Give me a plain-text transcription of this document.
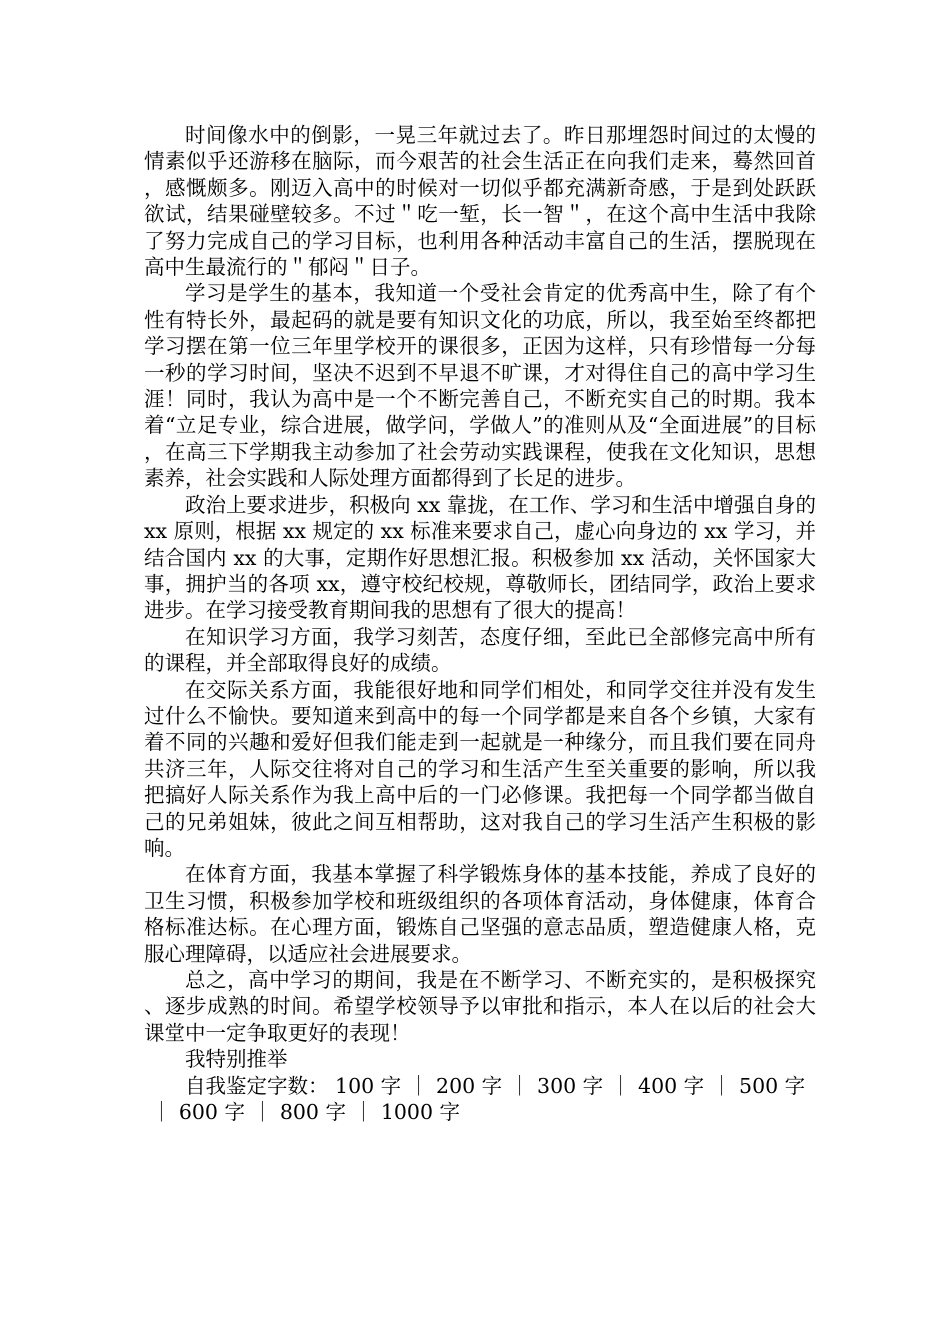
时间像水中的倒影，一晃三年就过去了。昨日那埋怨时间过的太慢的情素似乎还游移在脑际，而今艰苦的社会生活正在向我们走来，蓦然回首，感慨颇多。刚迈入高中的时候对一切似乎都充满新奇感，于是到处跃跃欲试，结果碰壁较多。不过＂吃一堑，长一智＂，在这个高中生活中我除了努力完成自己的学习目标，也利用各种活动丰富自己的生活，摆脱现在高中生最流行的＂郁闷＂日子。

学习是学生的基本，我知道一个受社会肯定的优秀高中生，除了有个性有特长外，最起码的就是要有知识文化的功底，所以，我至始至终都把学习摆在第一位三年里学校开的课很多，正因为这样，只有珍惜每一分每一秒的学习时间，坚决不迟到不早退不旷课，才对得住自己的高中学习生涯！同时，我认为高中是一个不断完善自己，不断充实自己的时期。我本着“立足专业，综合进展，做学问，学做人”的准则从及“全面进展”的目标，在高三下学期我主动参加了社会劳动实践课程，使我在文化知识，思想素养，社会实践和人际处理方面都得到了长足的进步。

政治上要求进步，积极向 xx 靠拢，在工作、学习和生活中增强自身的 xx 原则，根据 xx 规定的 xx 标准来要求自己，虚心向身边的 xx 学习，并结合国内 xx 的大事，定期作好思想汇报。积极参加 xx 活动，关怀国家大事，拥护当的各项 xx，遵守校纪校规，尊敬师长，团结同学，政治上要求进步。在学习接受教育期间我的思想有了很大的提高！

在知识学习方面，我学习刻苦，态度仔细，至此已全部修完高中所有的课程，并全部取得良好的成绩。

在交际关系方面，我能很好地和同学们相处，和同学交往并没有发生过什么不愉快。要知道来到高中的每一个同学都是来自各个乡镇，大家有着不同的兴趣和爱好但我们能走到一起就是一种缘分，而且我们要在同舟共济三年，人际交往将对自己的学习和生活产生至关重要的影响，所以我把搞好人际关系作为我上高中后的一门必修课。我把每一个同学都当做自己的兄弟姐妹，彼此之间互相帮助，这对我自己的学习生活产生积极的影响。

在体育方面，我基本掌握了科学锻炼身体的基本技能，养成了良好的卫生习惯，积极参加学校和班级组织的各项体育活动，身体健康，体育合格标准达标。在心理方面，锻炼自己坚强的意志品质，塑造健康人格，克服心理障碍，以适应社会进展要求。

总之，高中学习的期间，我是在不断学习、不断充实的，是积极探究、逐步成熟的时间。希望学校领导予以审批和指示，本人在以后的社会大课堂中一定争取更好的表现！

我特别推举

自我鉴定字数： 100 字 ｜ 200 字 ｜ 300 字 ｜ 400 字 ｜ 500 字｜ 600 字 ｜ 800 字 ｜ 1000 字
